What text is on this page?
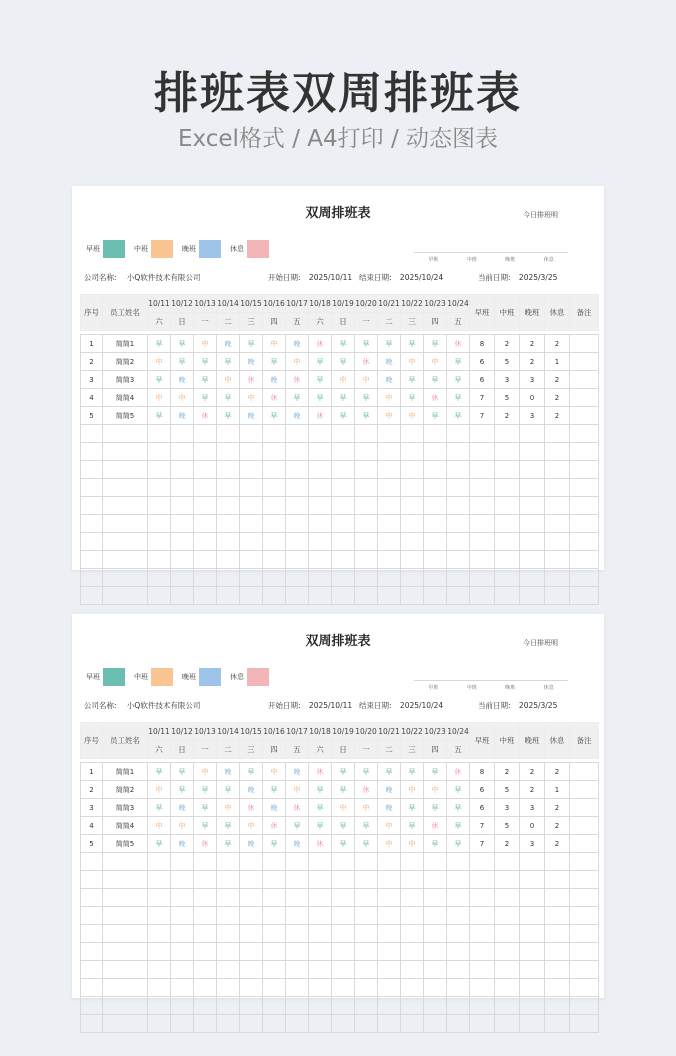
排班表双周排班表
Excel格式 / A4打印 / 动态图表
双周排班表	今日排班明
早班	中班	晚班	休息
早班	中班	晚班	休息
公司名称: 小Q软件技术有限公司	开始日期: 2025/10/11 结束日期: 2025/10/24	当前日期: 2025/3/25
序号	员工姓名	10/11	10/12	10/13	10/14	10/15	10/16	10/17	10/18	10/19	10/20	10/21	10/22	10/23	10/24	早班	中班	晚班	休息	备注
		六	日	一	二	三	四	五	六	日	一	二	三	四	五					

1	简简1	早	早	中	晚	早	中	晚	休	早	早	早	早	早	休	8	2	2	2	
2	简简2	中	早	早	早	晚	早	中	早	早	休	晚	中	中	早	6	5	2	1	
3	简简3	早	晚	早	中	休	晚	休	早	中	中	晚	早	早	早	6	3	3	2	
4	简简4	中	中	早	早	中	休	早	早	早	早	中	早	休	早	7	5	0	2	
5	简简5	早	晚	休	早	晚	早	晚	休	早	早	中	中	早	早	7	2	3	2	

双周排班表	今日排班明
早班	中班	晚班	休息
早班	中班	晚班	休息
公司名称: 小Q软件技术有限公司	开始日期: 2025/10/11 结束日期: 2025/10/24	当前日期: 2025/3/25
序号	员工姓名	10/11	10/12	10/13	10/14	10/15	10/16	10/17	10/18	10/19	10/20	10/21	10/22	10/23	10/24	早班	中班	晚班	休息	备注
		六	日	一	二	三	四	五	六	日	一	二	三	四	五					

1	简简1	早	早	中	晚	早	中	晚	休	早	早	早	早	早	休	8	2	2	2	
2	简简2	中	早	早	早	晚	早	中	早	早	休	晚	中	中	早	6	5	2	1	
3	简简3	早	晚	早	中	休	晚	休	早	中	中	晚	早	早	早	6	3	3	2	
4	简简4	中	中	早	早	中	休	早	早	早	早	中	早	休	早	7	5	0	2	
5	简简5	早	晚	休	早	晚	早	晚	休	早	早	中	中	早	早	7	2	3	2	
